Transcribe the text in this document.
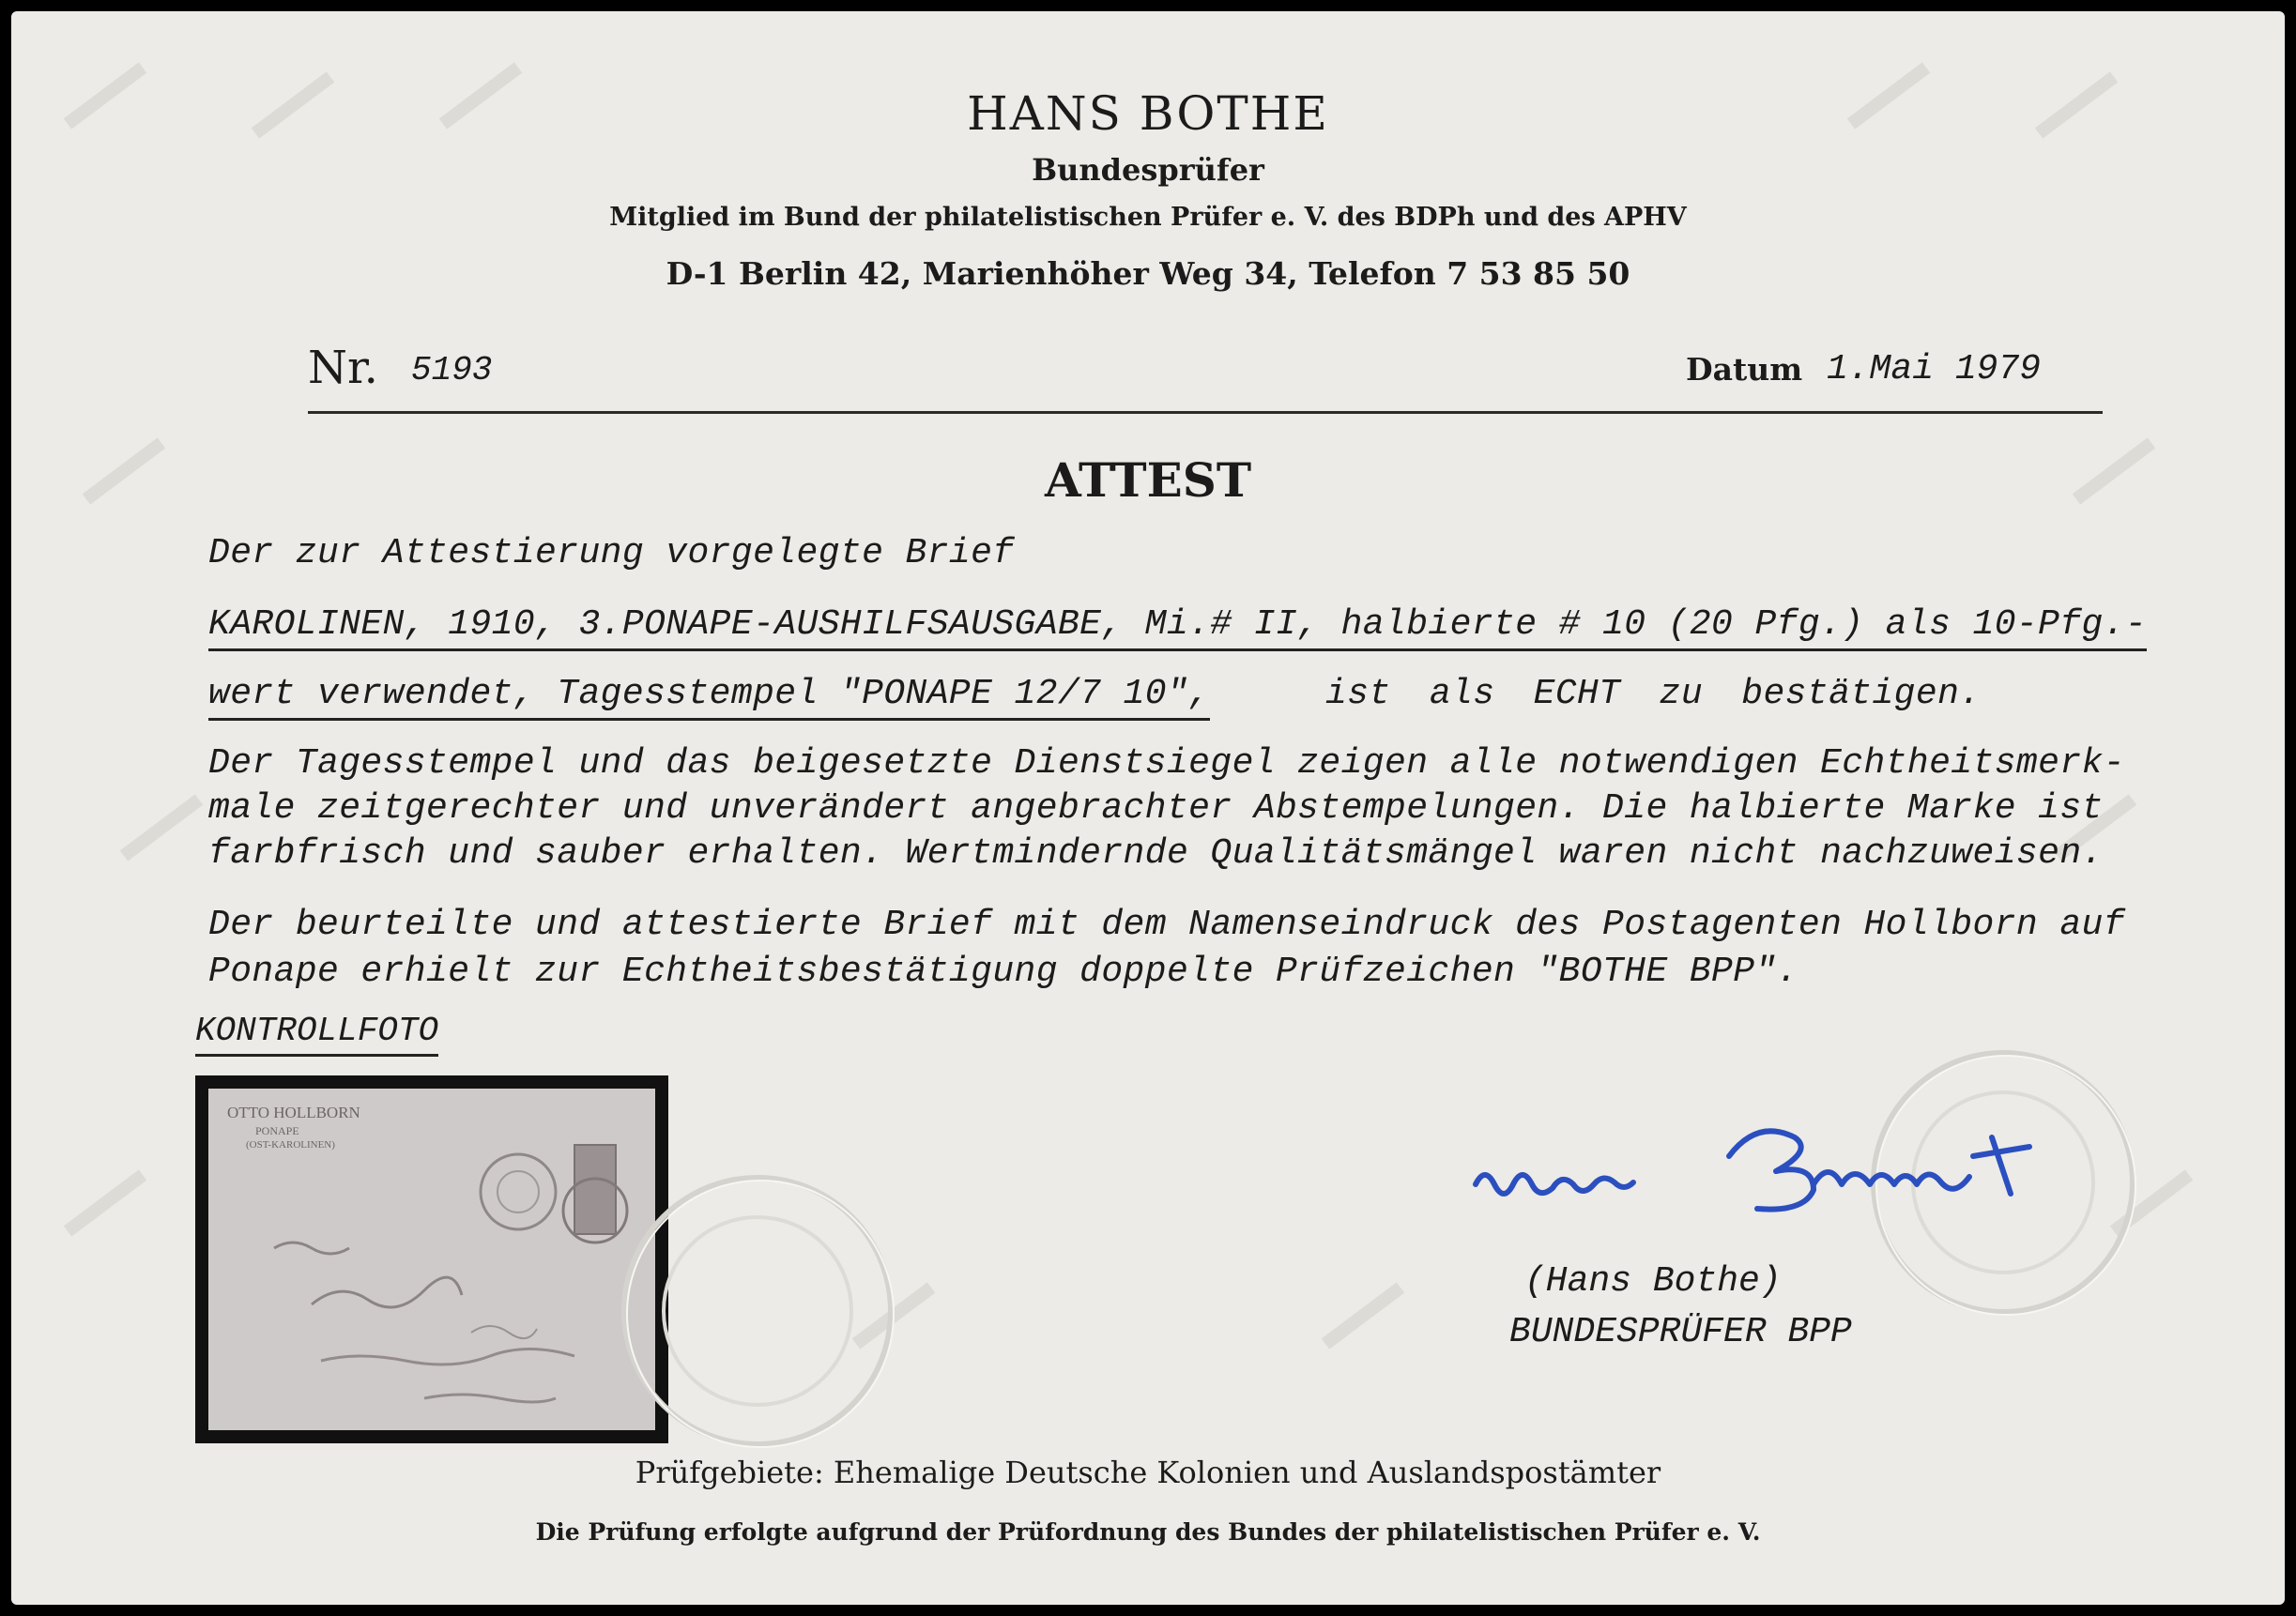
HANS BOTHE
Bundesprüfer
Mitglied im Bund der philatelistischen Prüfer e. V. des BDPh und des APHV
D-1 Berlin 42, Marienhöher Weg 34, Telefon 7 53 85 50
Nr. 5193	Datum 1.Mai 1979
ATTEST
Der zur Attestierung vorgelegte Brief
KAROLINEN, 1910, 3.PONAPE-AUSHILFSAUSGABE, Mi.# II, halbierte # 10 (20 Pfg.) als 10-Pfg.-
wert verwendet, Tagesstempel "PONAPE 12/7 10",	ist als ECHT zu bestätigen.
Der Tagesstempel und das beigesetzte Dienstsiegel zeigen alle notwendigen Echtheitsmerk-
male zeitgerechter und unverändert angebrachter Abstempelungen. Die halbierte Marke ist
farbfrisch und sauber erhalten. Wertmindernde Qualitätsmängel waren nicht nachzuweisen.
Der beurteilte und attestierte Brief mit dem Namenseindruck des Postagenten Hollborn auf
Ponape erhielt zur Echtheitsbestätigung doppelte Prüfzeichen "BOTHE BPP".
KONTROLLFOTO
OTTO HOLLBORN
PONAPE
(OST-KAROLINEN)
(Hans Bothe)
BUNDESPRÜFER BPP
Prüfgebiete: Ehemalige Deutsche Kolonien und Auslandspostämter
Die Prüfung erfolgte aufgrund der Prüfordnung des Bundes der philatelistischen Prüfer e. V.
